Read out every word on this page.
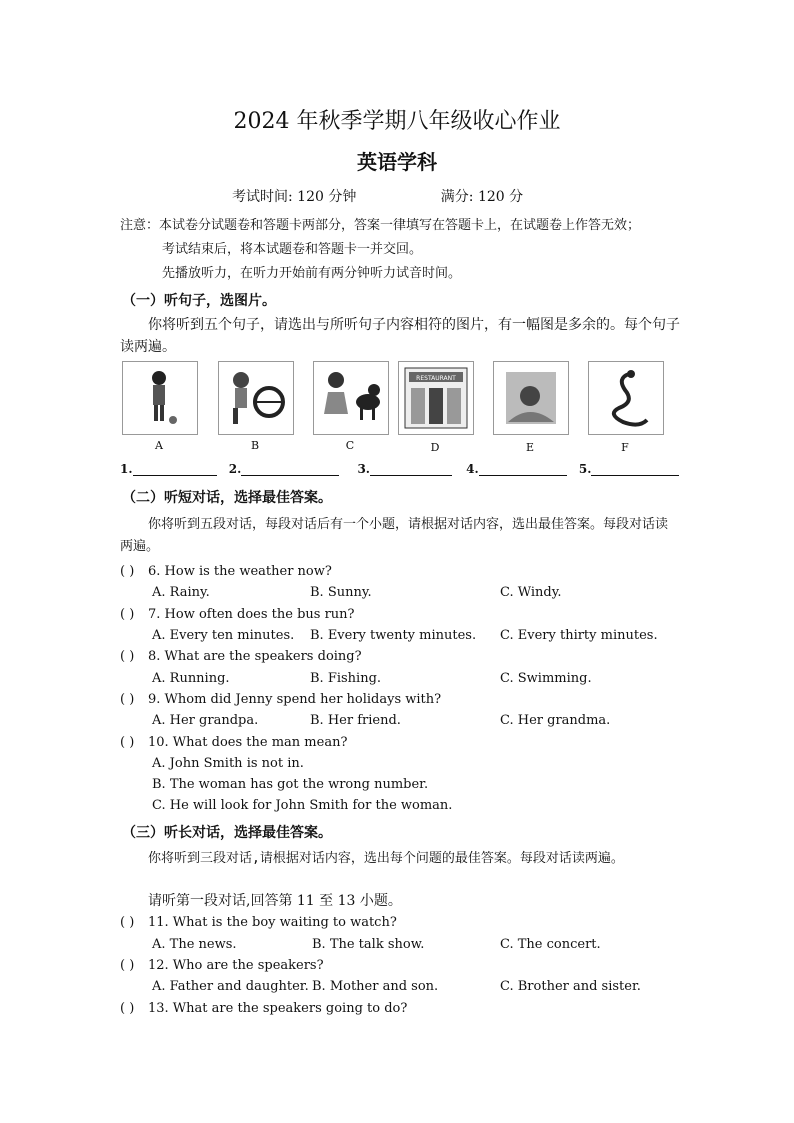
2024 年秋季学期八年级收心作业
英语学科
考试时间: 120 分钟	满分: 120 分
注意：本试卷分试题卷和答题卡两部分，答案一律填写在答题卡上，在试题卷上作答无效；
考试结束后，将本试题卷和答题卡一并交回。
先播放听力，在听力开始前有两分钟听力试音时间。
（一）听句子，选图片。
你将听到五个句子，请选出与所听句子内容相符的图片，有一幅图是多余的。每个句子读两遍。
A	B	C
RESTAURANT
D	E	F
1.	2.	3.	4.	5.
（二）听短对话，选择最佳答案。
你将听到五段对话，每段对话后有一个小题，请根据对话内容，选出最佳答案。每段对话读两遍。
( ) 6. How is the weather now?
A. Rainy.	B. Sunny.	C. Windy.
( ) 7. How often does the bus run?
A. Every ten minutes. B. Every twenty minutes. C. Every thirty minutes.
( ) 8. What are the speakers doing?
A. Running.	B. Fishing.	C. Swimming.
( ) 9. Whom did Jenny spend her holidays with?
A. Her grandpa.	B. Her friend.	C. Her grandma.
( ) 10. What does the man mean?
A. John Smith is not in.
B. The woman has got the wrong number.
C. He will look for John Smith for the woman.
（三）听长对话，选择最佳答案。
你将听到三段对话,请根据对话内容，选出每个问题的最佳答案。每段对话读两遍。
请听第一段对话,回答第 11 至 13 小题。
( ) 11. What is the boy waiting to watch?
A. The news.	B. The talk show.	C. The concert.
( ) 12. Who are the speakers?
A. Father and daughter. B. Mother and son.	C. Brother and sister.
( ) 13. What are the speakers going to do?
